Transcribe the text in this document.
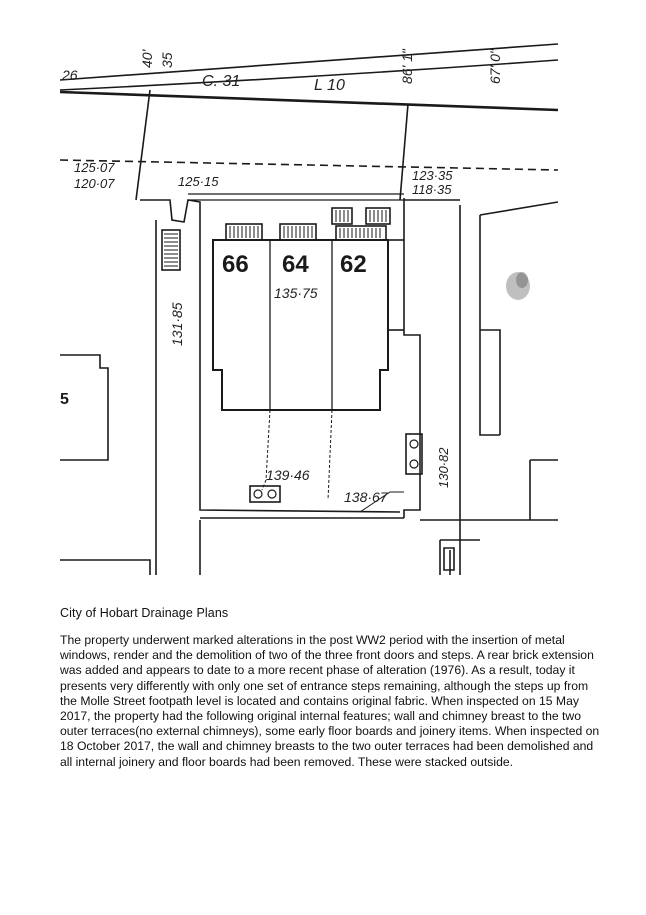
26
40' 35
C. 31	L 10
86' 1"	67' 0"
125·07
120·07	125·15	123·35
118·35
131·85
135·75
139·46
138·67
130·82
66 64 62
5

City of Hobart Drainage Plans

The property underwent marked alterations in the post WW2 period with the insertion of metal windows, render and the demolition of two of the three front doors and steps. A rear brick extension was added and appears to date to a more recent phase of alteration (1976). As a result, today it presents very differently with only one set of entrance steps remaining, although the steps up from the Molle Street footpath level is located and contains original fabric. When inspected on 15 May 2017, the property had the following original internal features; wall and chimney breast to the two outer terraces(no external chimneys), some early floor boards and joinery items. When inspected on 18 October 2017, the wall and chimney breasts to the two outer terraces had been demolished and all internal joinery and floor boards had been removed. These were stacked outside.
